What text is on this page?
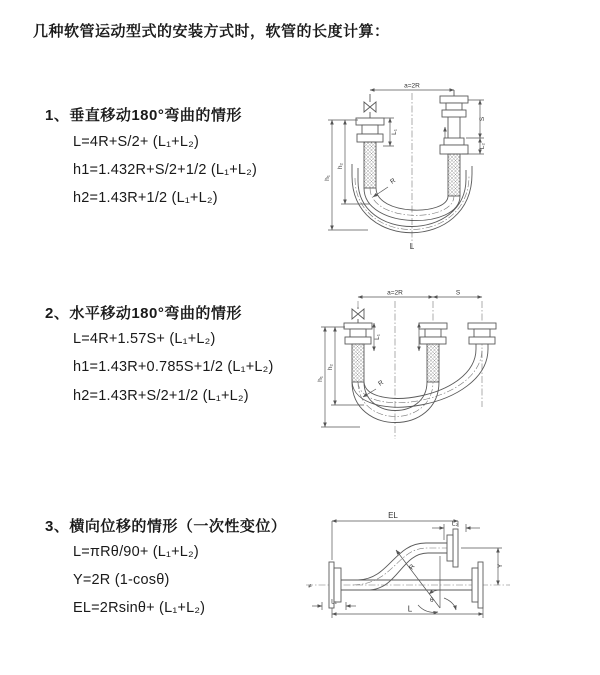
几种软管运动型式的安装方式时，软管的长度计算：
1、垂直移动180°弯曲的情形
L=4R+S/2+ (L₁+L₂)
h1=1.432R+S/2+1/2 (L₁+L₂)
h2=1.43R+1/2 (L₁+L₂)
2、水平移动180°弯曲的情形
L=4R+1.57S+ (L₁+L₂)
h1=1.43R+0.785S+1/2 (L₁+L₂)
h2=1.43R+S/2+1/2 (L₁+L₂)
3、横向位移的情形（一次性变位）
L=πRθ/90+ (L₁+L₂)
Y=2R (1-cosθ)
EL=2Rsinθ+ (L₁+L₂)
a=2R
h₁
h₂
L₁
S
L₂
R
L
a=2R	S
h₁
h₂
L₁
R
≠
EL
L₂
Y
L
L₁
R
θ
